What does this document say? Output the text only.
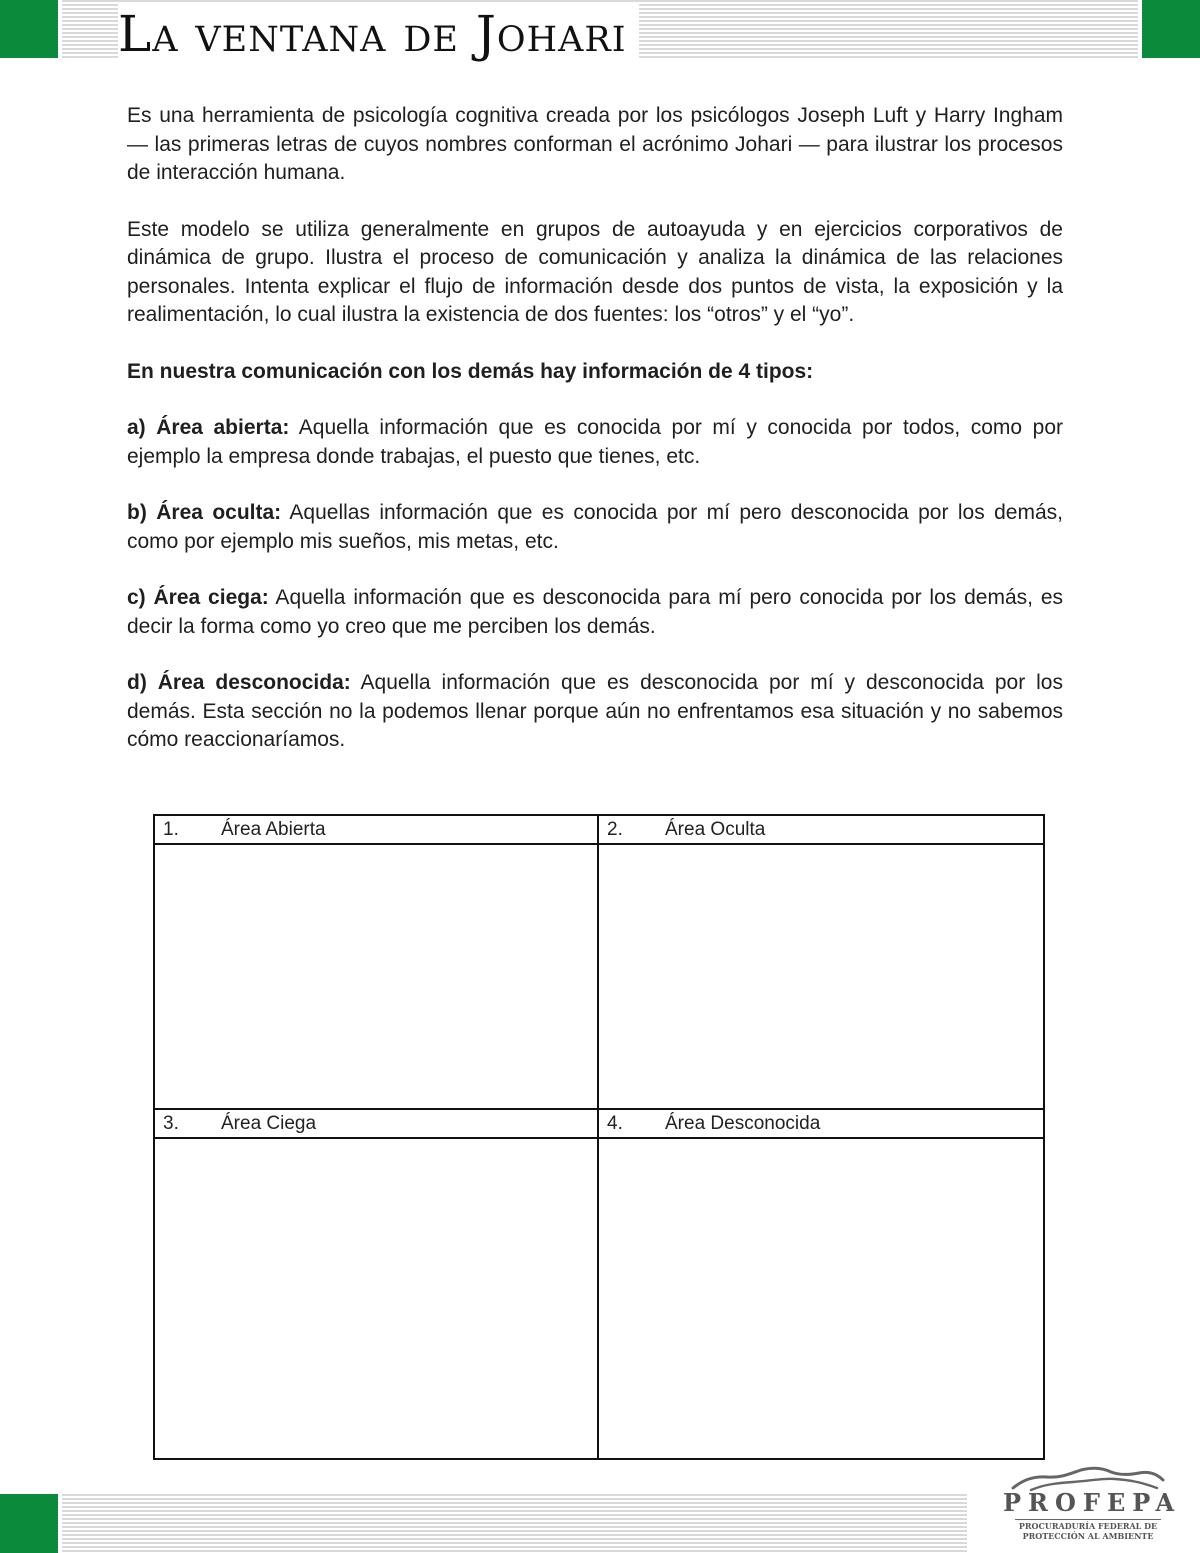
La ventana de Johari

Es una herramienta de psicología cognitiva creada por los psicólogos Joseph Luft y Harry Ingham — las primeras letras de cuyos nombres conforman el acrónimo Johari — para ilustrar los procesos de interacción humana.

Este modelo se utiliza generalmente en grupos de autoayuda y en ejercicios corporativos de dinámica de grupo. Ilustra el proceso de comunicación y analiza la dinámica de las relaciones personales. Intenta explicar el flujo de información desde dos puntos de vista, la exposición y la realimentación, lo cual ilustra la existencia de dos fuentes: los “otros” y el “yo”.

En nuestra comunicación con los demás hay información de 4 tipos:

a) Área abierta: Aquella información que es conocida por mí y conocida por todos, como por ejemplo la empresa donde trabajas, el puesto que tienes, etc.

b) Área oculta: Aquellas información que es conocida por mí pero desconocida por los demás, como por ejemplo mis sueños, mis metas, etc.

c) Área ciega: Aquella información que es desconocida para mí pero conocida por los demás, es decir la forma como yo creo que me perciben los demás.

d) Área desconocida: Aquella información que es desconocida por mí y desconocida por los demás. Esta sección no la podemos llenar porque aún no enfrentamos esa situación y no sabemos cómo reaccionaríamos.

1.	Área Abierta	2.	Área Oculta
3.	Área Ciega	4.	Área Desconocida
PROFEPA
PROCURADURÍA FEDERAL DE
PROTECCIÓN AL AMBIENTE
